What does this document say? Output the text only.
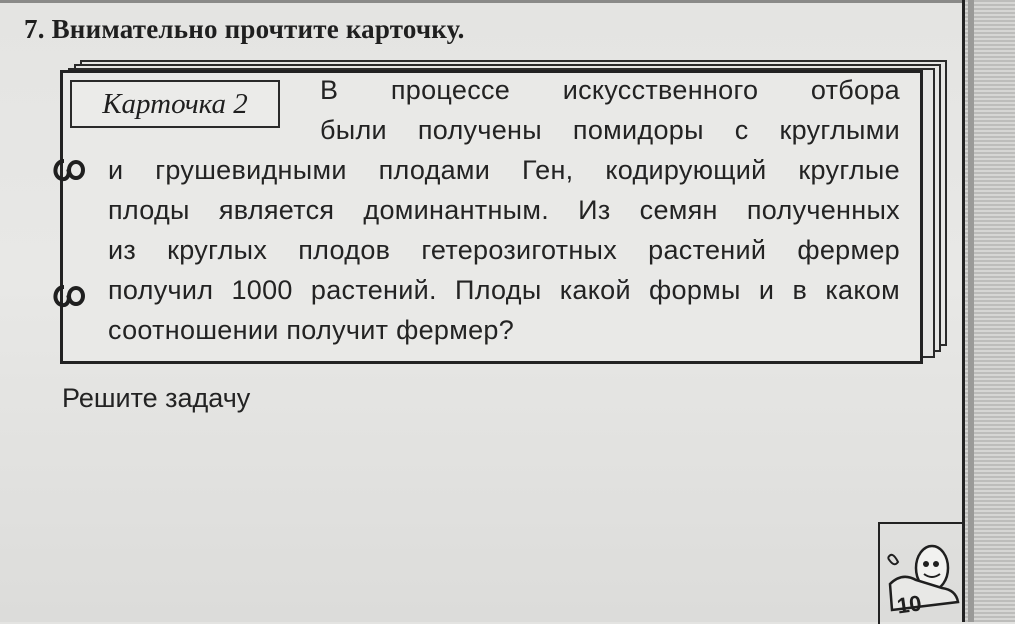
7. Внимательно прочтите карточку.
Карточка 2	В процессе искусственного отбора
были получены помидоры с круглыми
и грушевидными плодами Ген, кодирующий круглые
плоды является доминантным. Из семян полученных
из круглых плодов гетерозиготных растений фермер
получил 1000 растений. Плоды какой формы и в каком
соотношении получит фермер?
Решите задачу
10
